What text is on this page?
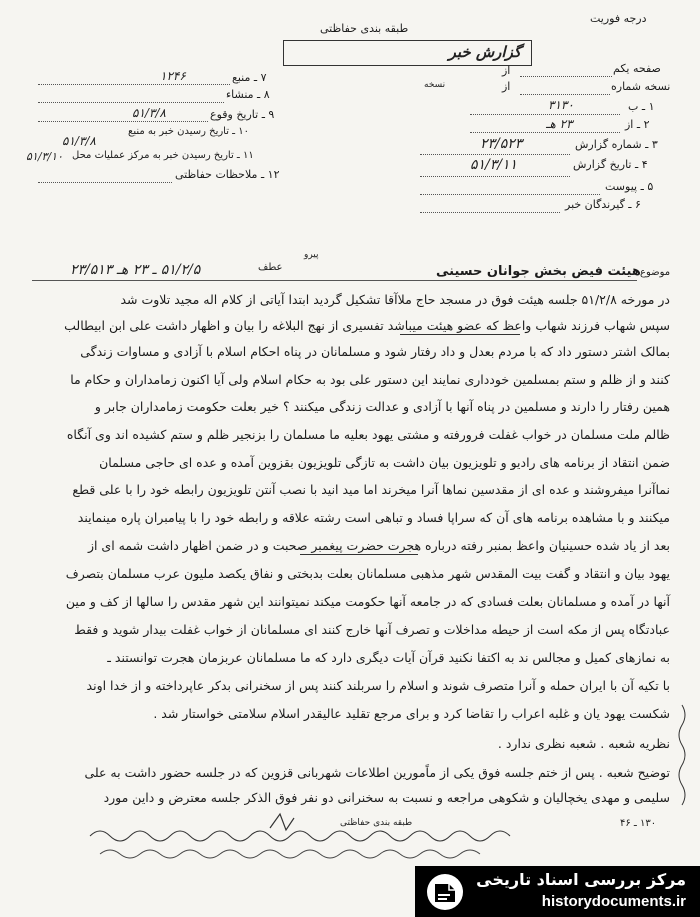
درجه فوریت
طبقه بندی حفاظتی
گزارش خبر
صفحه یکم
از
نسخه شماره
از
نسخه
۱ ـ ب
۳۱۳۰
۲ ـ از
۲۳ هـ
۳ ـ شماره گزارش
۲۳/۵۲۳
۴ ـ تاریخ گزارش
۵۱/۳/۱۱
۵ ـ پیوست
۶ ـ گیرندگان خبر
۷ ـ منبع
۱۲۴۶
۸ ـ منشاء
۹ ـ تاریخ وقوع
۵۱/۳/۸
۱۰ ـ تاریخ رسیدن خبر به منبع
۵۱/۳/۸
۱۱ ـ تاریخ رسیدن خبر به مرکز عملیات محل
۵۱/۳/۱۰
۱۲ ـ ملاحظات حفاظتی
موضوع
هیئت فیض بخش جوانان حسینی
پیرو
عطف
۵۱/۲/۵ ـ ۲۳ هـ ۲۳/۵۱۳
در مورخه ۵۱/۲/۸ جلسه هیئت فوق در مسجد حاج ملاآقا تشکیل گردید ابتدا آیاتی از کلام اله مجید تلاوت شد
سپس شهاب فرزند شهاب واعظ که عضو هیئت میباشد تفسیری از نهج البلاغه را بیان و اظهار داشت علی ابن ابیطالب
بمالک اشتر دستور داد که با مردم بعدل و داد رفتار شود و مسلمانان در پناه احکام اسلام با آزادی و مساوات زندگی
کنند و از ظلم و ستم بمسلمین خودداری نمایند این دستور علی بود به حکام اسلام ولی آیا اکنون زمامداران و حکام ما
همین رفتار را دارند و مسلمین در پناه آنها با آزادی و عدالت زندگی میکنند ؟ خیر بعلت حکومت زمامداران جابر و
ظالم ملت مسلمان در خواب غفلت فرورفته و مشتی یهود بعلیه ما مسلمان را بزنجیر ظلم و ستم کشیده اند وی آنگاه
ضمن انتقاد از برنامه های رادیو و تلویزیون بیان داشت به تازگی تلویزیون بقزوین آمده و عده ای حاجی مسلمان
نماآنرا میفروشند و عده ای از مقدسین نماها آنرا میخرند اما مید انید با نصب آنتن تلویزیون رابطه خود را با علی قطع
میکنند و با مشاهده برنامه های آن که سراپا فساد و تباهی است رشته علاقه و رابطه خود را با پیامبران پاره مینمایند
بعد از یاد شده حسینیان واعظ بمنبر رفته درباره هجرت حضرت پیغمبر صحبت و در ضمن اظهار داشت شمه ای از
یهود بیان و انتقاد و گفت بیت المقدس شهر مذهبی مسلمانان بعلت بدبختی و نفاق یکصد ملیون عرب مسلمان بتصرف
آنها در آمده و مسلمانان بعلت فسادی که در جامعه آنها حکومت میکند نمیتوانند این شهر مقدس را سالها از کف و مین
عبادتگاه پس از مکه است از حیطه مداخلات و تصرف آنها خارج کنند ای مسلمانان از خواب غفلت بیدار شوید و فقط
به نمازهای کمیل و مجالس ند به اکتفا نکنید قرآن آیات دیگری دارد که ما مسلمانان عربزمان هجرت توانستند ـ
با تکیه آن با ایران حمله و آنرا متصرف شوند و اسلام را سربلند کنند پس از سخنرانی بدکر عاپرداخته و از خدا اوند
شکست یهود یان و غلبه اعراب را تقاضا کرد و برای مرجع تقلید عالیقدر اسلام سلامتی خواستار شد .
نظریه شعبه . شعبه نظری ندارد .
توضیح شعبه . پس از ختم جلسه فوق یکی از ماًمورین اطلاعات شهربانی قزوین که در جلسه حضور داشت به علی
سلیمی و مهدی یخچالیان و شکوهی مراجعه و نسبت به سخنرانی دو نفر فوق الذکر جلسه معترض و داین مورد
طبقه بندی حفاظتی	۱۳۰ ـ ۴۶
مرکز بررسی اسناد تاریخی
historydocuments.ir
